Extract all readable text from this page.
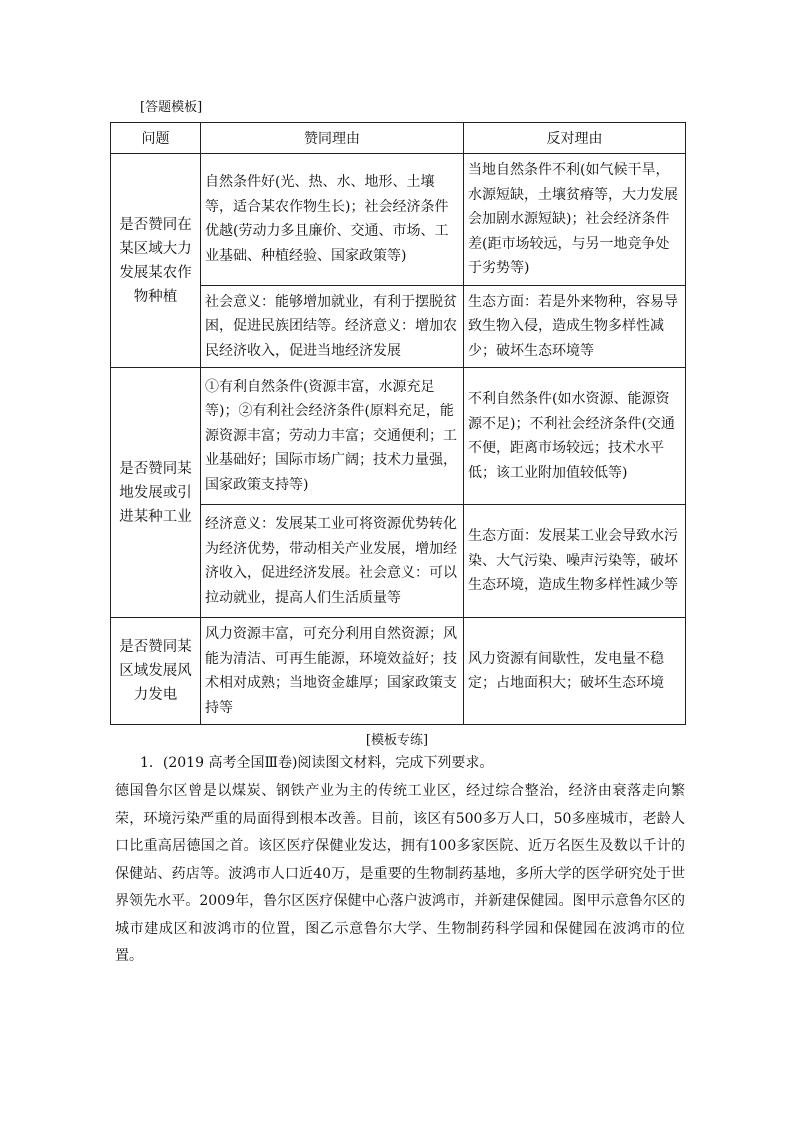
[答题模板]
问题	赞同理由	反对理由
是否赞同在某区域大力发展某农作物种植	自然条件好(光、热、水、地形、土壤等，适合某农作物生长)；社会经济条件优越(劳动力多且廉价、交通、市场、工业基础、种植经验、国家政策等)	当地自然条件不利(如气候干旱，水源短缺，土壤贫瘠等，大力发展会加剧水源短缺)；社会经济条件差(距市场较远，与另一地竞争处于劣势等)
	社会意义：能够增加就业，有利于摆脱贫困，促进民族团结等。经济意义：增加农民经济收入，促进当地经济发展	生态方面：若是外来物种，容易导致生物入侵，造成生物多样性减少；破坏生态环境等
是否赞同某地发展或引进某种工业	①有利自然条件(资源丰富，水源充足等)；②有利社会经济条件(原料充足，能源资源丰富；劳动力丰富；交通便利；工业基础好；国际市场广阔；技术力量强，国家政策支持等)	不利自然条件(如水资源、能源资源不足)；不利社会经济条件(交通不便，距离市场较远；技术水平低；该工业附加值较低等)
	经济意义：发展某工业可将资源优势转化为经济优势，带动相关产业发展，增加经济收入，促进经济发展。社会意义：可以拉动就业，提高人们生活质量等	生态方面：发展某工业会导致水污染、大气污染、噪声污染等，破坏生态环境，造成生物多样性减少等
是否赞同某区域发展风力发电	风力资源丰富，可充分利用自然资源；风能为清洁、可再生能源，环境效益好；技术相对成熟；当地资金雄厚；国家政策支持等	风力资源有间歇性，发电量不稳定；占地面积大；破坏生态环境
[模板专练]
1．(2019 高考全国Ⅲ卷)阅读图文材料，完成下列要求。
德国鲁尔区曾是以煤炭、钢铁产业为主的传统工业区，经过综合整治，经济由衰落走向繁荣，环境污染严重的局面得到根本改善。目前，该区有500多万人口，50多座城市，老龄人口比重高居德国之首。该区医疗保健业发达，拥有100多家医院、近万名医生及数以千计的保健站、药店等。波鸿市人口近40万，是重要的生物制药基地，多所大学的医学研究处于世界领先水平。2009年，鲁尔区医疗保健中心落户波鸿市，并新建保健园。图甲示意鲁尔区的城市建成区和波鸿市的位置，图乙示意鲁尔大学、生物制药科学园和保健园在波鸿市的位置。
